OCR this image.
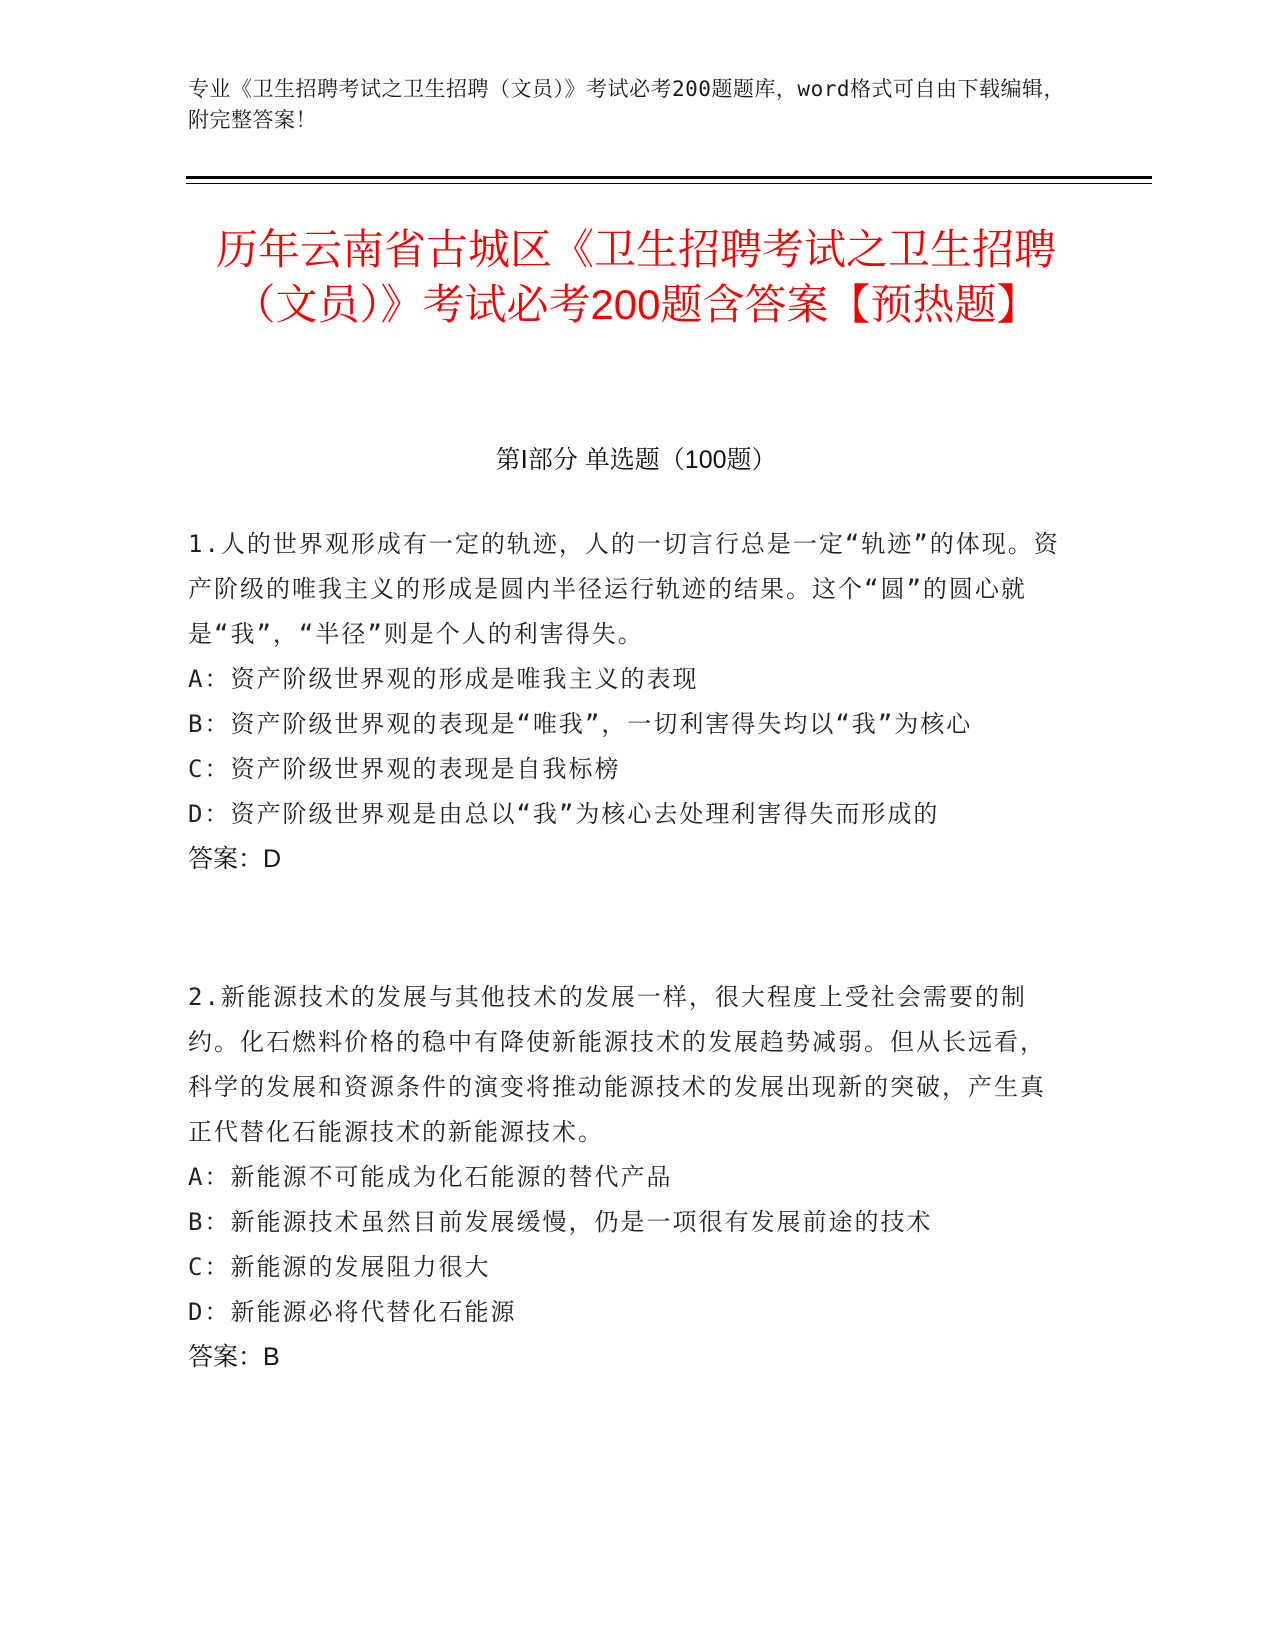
专业《卫生招聘考试之卫生招聘（文员）》考试必考200题题库，word格式可自由下载编辑，附完整答案！
历年云南省古城区《卫生招聘考试之卫生招聘（文员）》考试必考200题含答案【预热题】
第Ⅰ部分 单选题（100题）
1.人的世界观形成有一定的轨迹，人的一切言行总是一定“轨迹”的体现。资产阶级的唯我主义的形成是圆内半径运行轨迹的结果。这个“圆”的圆心就是“我”，“半径”则是个人的利害得失。
A：资产阶级世界观的形成是唯我主义的表现
B：资产阶级世界观的表现是“唯我”，一切利害得失均以“我”为核心
C：资产阶级世界观的表现是自我标榜
D：资产阶级世界观是由总以“我”为核心去处理利害得失而形成的
答案：D
2.新能源技术的发展与其他技术的发展一样，很大程度上受社会需要的制约。化石燃料价格的稳中有降使新能源技术的发展趋势减弱。但从长远看，科学的发展和资源条件的演变将推动能源技术的发展出现新的突破，产生真正代替化石能源技术的新能源技术。
A：新能源不可能成为化石能源的替代产品
B：新能源技术虽然目前发展缓慢，仍是一项很有发展前途的技术
C：新能源的发展阻力很大
D：新能源必将代替化石能源
答案：B
